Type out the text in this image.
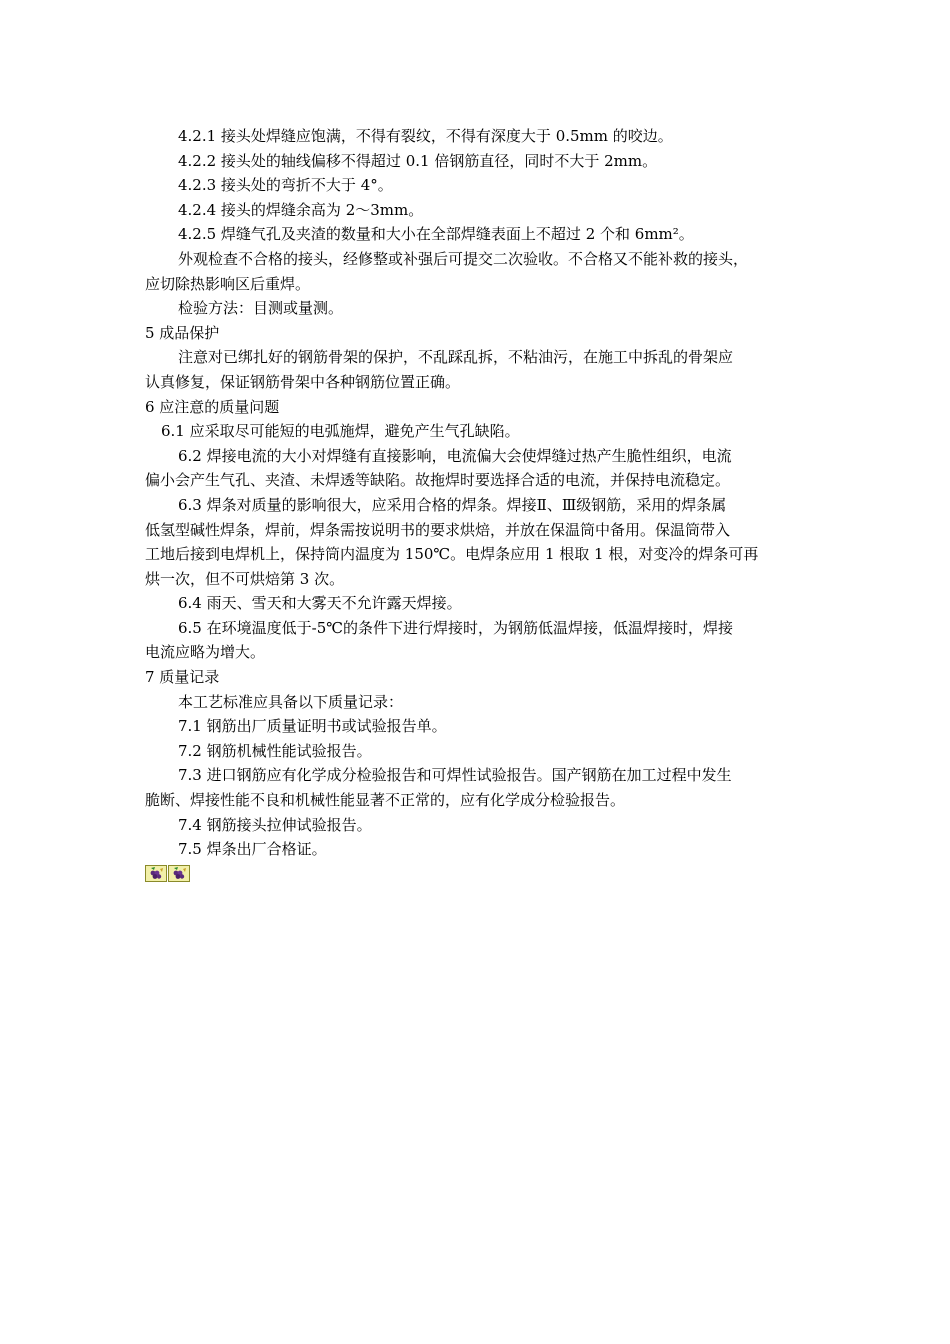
4.2.1 接头处焊缝应饱满，不得有裂纹，不得有深度大于 0.5mm 的咬边。

4.2.2 接头处的轴线偏移不得超过 0.1 倍钢筋直径，同时不大于 2mm。

4.2.3 接头处的弯折不大于 4°。

4.2.4 接头的焊缝余高为 2～3mm。

4.2.5 焊缝气孔及夹渣的数量和大小在全部焊缝表面上不超过 2 个和 6mm²。

外观检查不合格的接头，经修整或补强后可提交二次验收。不合格又不能补救的接头，

应切除热影响区后重焊。

检验方法：目测或量测。

5 成品保护

注意对已绑扎好的钢筋骨架的保护，不乱踩乱拆，不粘油污，在施工中拆乱的骨架应

认真修复，保证钢筋骨架中各种钢筋位置正确。

6 应注意的质量问题

6.1 应采取尽可能短的电弧施焊，避免产生气孔缺陷。

6.2 焊接电流的大小对焊缝有直接影响，电流偏大会使焊缝过热产生脆性组织，电流

偏小会产生气孔、夹渣、未焊透等缺陷。故拖焊时要选择合适的电流，并保持电流稳定。

6.3 焊条对质量的影响很大，应采用合格的焊条。焊接Ⅱ、Ⅲ级钢筋，采用的焊条属

低氢型碱性焊条，焊前，焊条需按说明书的要求烘焙，并放在保温筒中备用。保温筒带入

工地后接到电焊机上，保持筒内温度为 150℃。电焊条应用 1 根取 1 根，对变冷的焊条可再

烘一次，但不可烘焙第 3 次。

6.4 雨天、雪天和大雾天不允许露天焊接。

6.5 在环境温度低于-5℃的条件下进行焊接时，为钢筋低温焊接，低温焊接时，焊接

电流应略为增大。

7 质量记录

本工艺标准应具备以下质量记录：

7.1 钢筋出厂质量证明书或试验报告单。

7.2 钢筋机械性能试验报告。

7.3 进口钢筋应有化学成分检验报告和可焊性试验报告。国产钢筋在加工过程中发生

脆断、焊接性能不良和机械性能显著不正常的，应有化学成分检验报告。

7.4 钢筋接头拉伸试验报告。

7.5 焊条出厂合格证。
